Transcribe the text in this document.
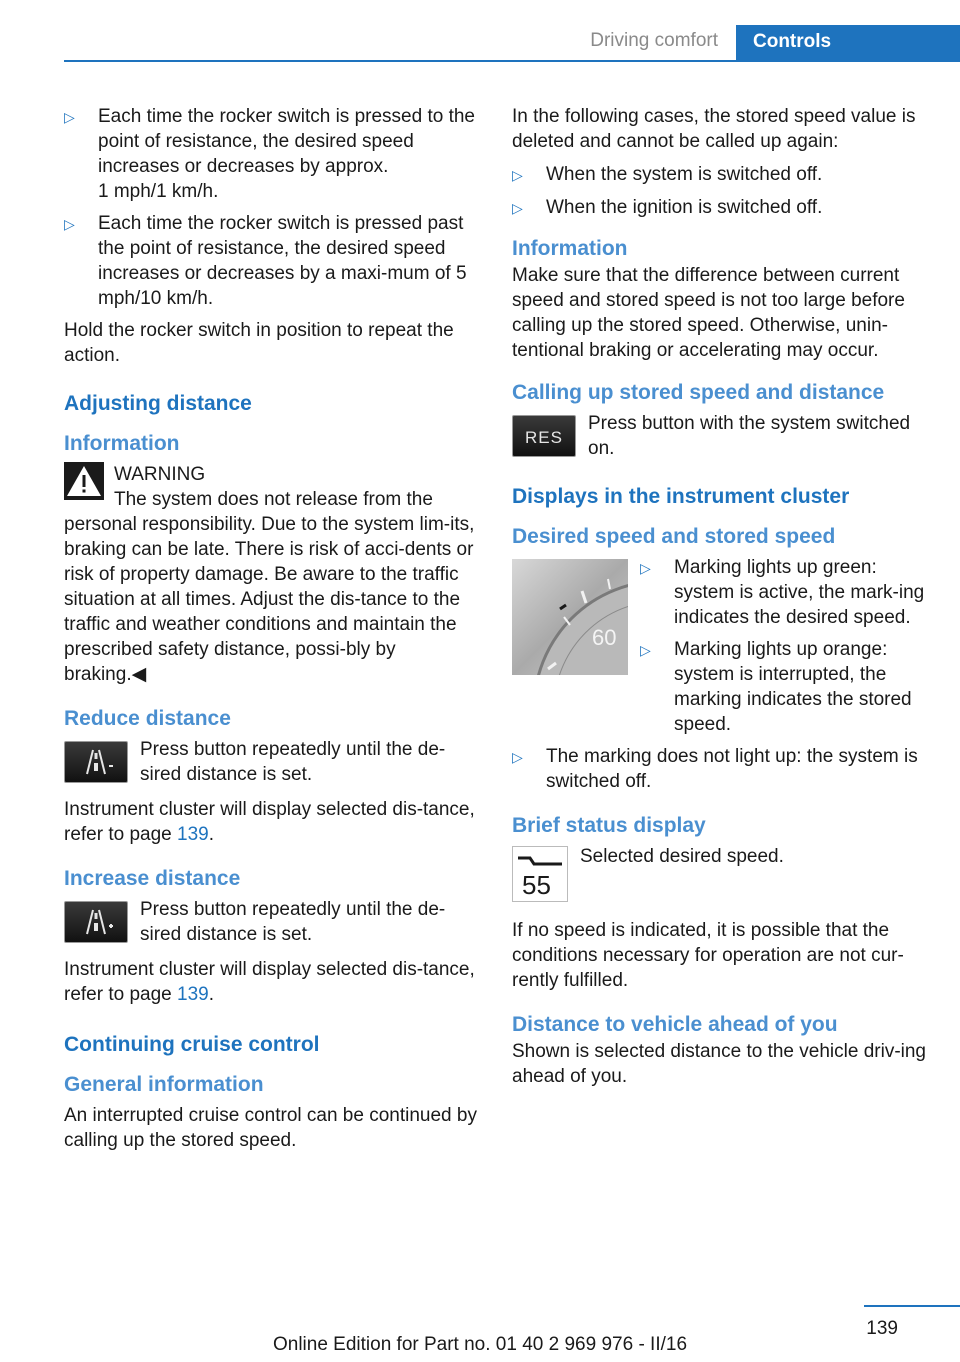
Driving comfort	Controls
▷	Each time the rocker switch is pressed to the point of resistance, the desired speed increases or decreases by approx.
1 mph/1 km/h.
▷	Each time the rocker switch is pressed past the point of resistance, the desired speed increases or decreases by a maxi‐mum of 5 mph/10 km/h.

Hold the rocker switch in position to repeat the action.

Adjusting distance
Information
WARNING
The system does not release from the personal responsibility. Due to the system lim‐its, braking can be late. There is risk of acci‐dents or risk of property damage. Be aware to the traffic situation at all times. Adjust the dis‐tance to the traffic and weather conditions and maintain the prescribed safety distance, possi‐bly by braking.◀
Reduce distance
Press button repeatedly until the de‐sired distance is set.

Instrument cluster will display selected dis‐tance, refer to page 139.

Increase distance
Press button repeatedly until the de‐sired distance is set.

Instrument cluster will display selected dis‐tance, refer to page 139.

Continuing cruise control
General information

An interrupted cruise control can be continued by calling up the stored speed.

In the following cases, the stored speed value is deleted and cannot be called up again:

▷	When the system is switched off.
▷	When the ignition is switched off.
Information

Make sure that the difference between current speed and stored speed is not too large before calling up the stored speed. Otherwise, unin‐tentional braking or accelerating may occur.

Calling up stored speed and distance
RES
Press button with the system switched on.
Displays in the instrument cluster
Desired speed and stored speed
60
▷	Marking lights up green: system is active, the mark‐ing indicates the desired speed.
▷	Marking lights up orange: system is interrupted, the marking indicates the stored speed.
▷	The marking does not light up: the system is switched off.
Brief status display
55
Selected desired speed.

If no speed is indicated, it is possible that the conditions necessary for operation are not cur‐rently fulfilled.

Distance to vehicle ahead of you

Shown is selected distance to the vehicle driv‐ing ahead of you.

139
Online Edition for Part no. 01 40 2 969 976 - II/16
